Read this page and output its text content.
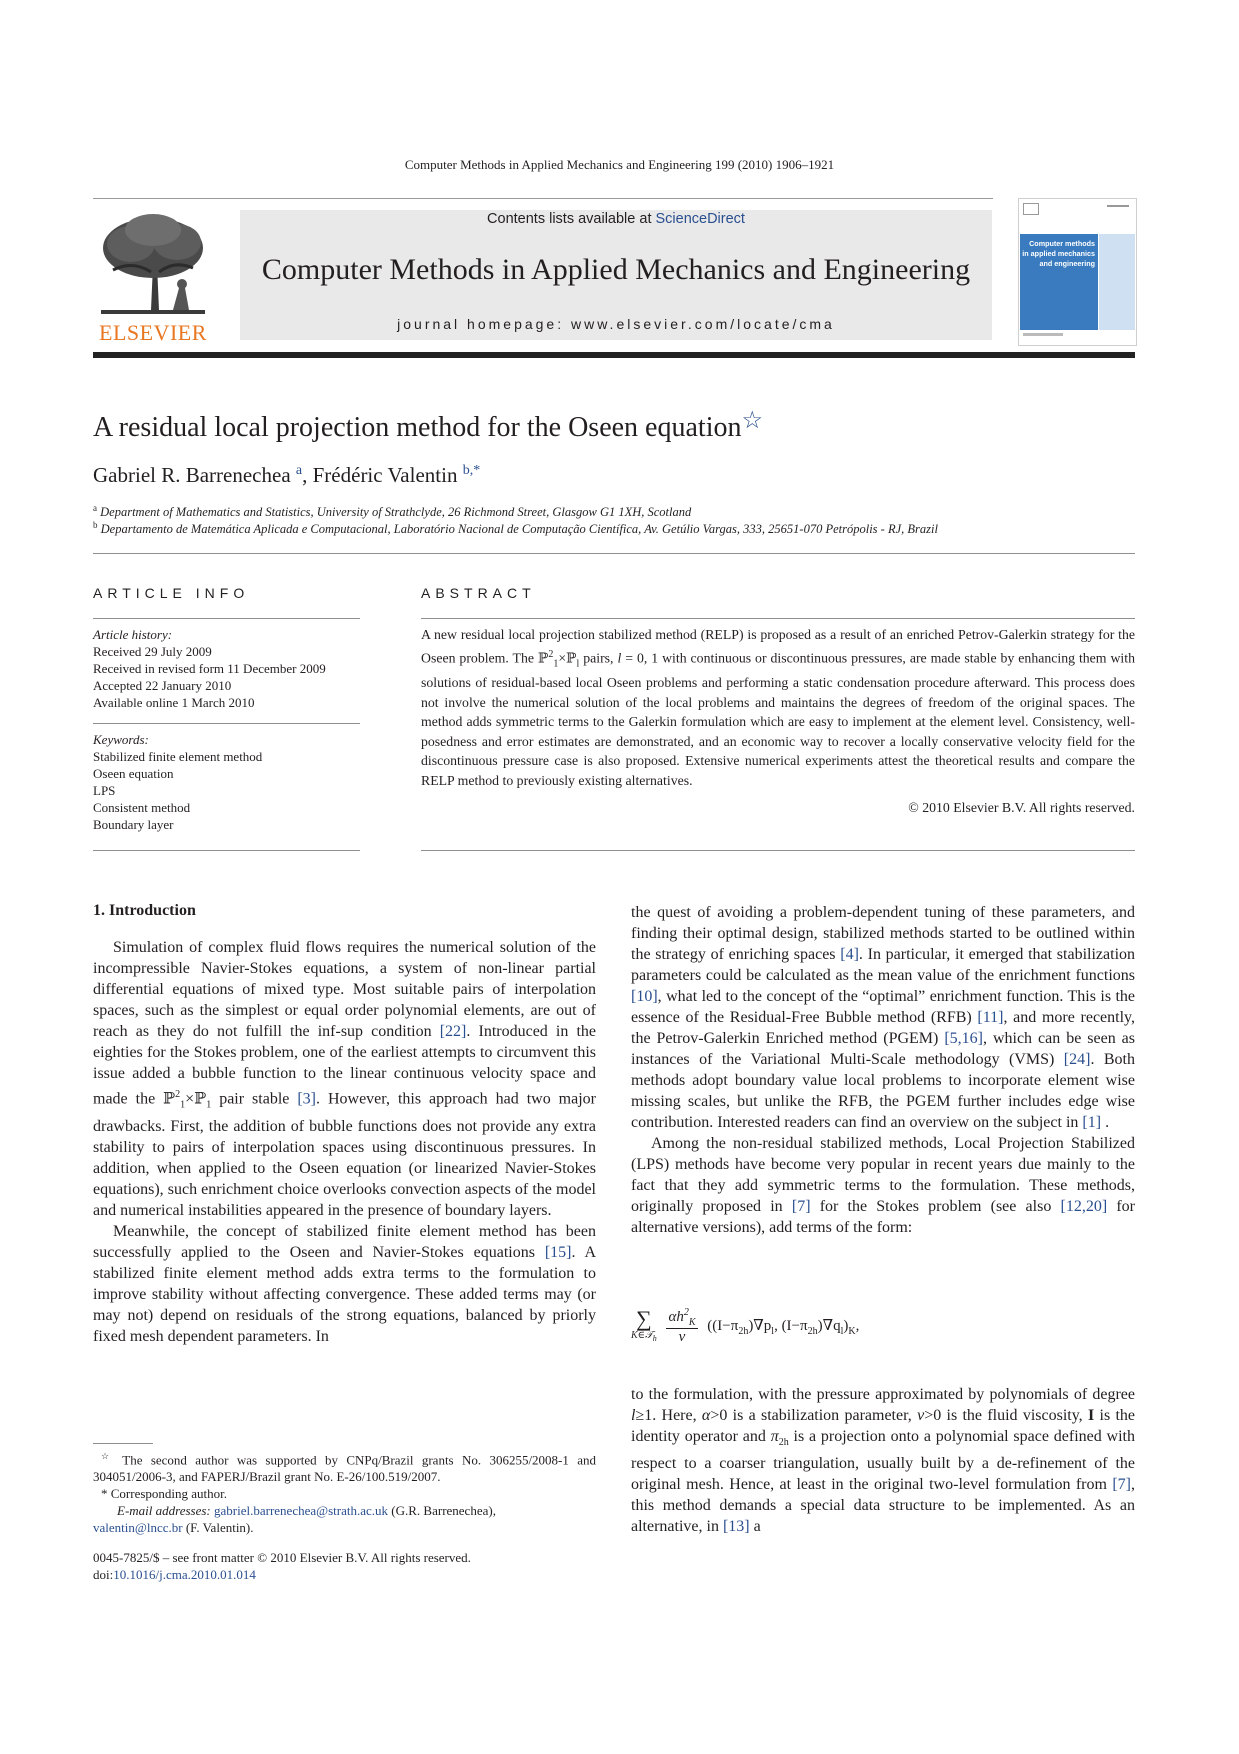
Computer Methods in Applied Mechanics and Engineering 199 (2010) 1906–1921
ELSEVIER
Contents lists available at ScienceDirect
Computer Methods in Applied Mechanics and Engineering
journal homepage: www.elsevier.com/locate/cma
Computer methods in applied mechanics and engineering
A residual local projection method for the Oseen equation☆
Gabriel R. Barrenechea $^a$, Frédéric Valentin $^{b,*}$
$^a$ Department of Mathematics and Statistics, University of Strathclyde, 26 Richmond Street, Glasgow G1 1XH, Scotland
$^b$ Departamento de Matemática Aplicada e Computacional, Laboratório Nacional de Computação Científica, Av. Getúlio Vargas, 333, 25651-070 Petrópolis - RJ, Brazil
ARTICLE INFO
Article history:
Received 29 July 2009
Received in revised form 11 December 2009
Accepted 22 January 2010
Available online 1 March 2010
Keywords:
Stabilized finite element method
Oseen equation
LPS
Consistent method
Boundary layer
ABSTRACT
A new residual local projection stabilized method (RELP) is proposed as a result of an enriched Petrov-Galerkin strategy for the Oseen problem. The ℙ$^2_1$×ℙ$_l$ pairs, l = 0, 1 with continuous or discontinuous pressures, are made stable by enhancing them with solutions of residual-based local Oseen problems and performing a static condensation procedure afterward. This process does not involve the numerical solution of the local problems and maintains the degrees of freedom of the original spaces. The method adds symmetric terms to the Galerkin formulation which are easy to implement at the element level. Consistency, well-posedness and error estimates are demonstrated, and an economic way to recover a locally conservative velocity field for the discontinuous pressure case is also proposed. Extensive numerical experiments attest the theoretical results and compare the RELP method to previously existing alternatives.
© 2010 Elsevier B.V. All rights reserved.
1. Introduction

Simulation of complex fluid flows requires the numerical solution of the incompressible Navier-Stokes equations, a system of non-linear partial differential equations of mixed type. Most suitable pairs of interpolation spaces, such as the simplest or equal order polynomial elements, are out of reach as they do not fulfill the inf-sup condition [22]. Introduced in the eighties for the Stokes problem, one of the earliest attempts to circumvent this issue added a bubble function to the linear continuous velocity space and made the ℙ$^2_1$×ℙ$_1$ pair stable [3]. However, this approach had two major drawbacks. First, the addition of bubble functions does not provide any extra stability to pairs of interpolation spaces using discontinuous pressures. In addition, when applied to the Oseen equation (or linearized Navier-Stokes equations), such enrichment choice overlooks convection aspects of the model and numerical instabilities appeared in the presence of boundary layers.

Meanwhile, the concept of stabilized finite element method has been successfully applied to the Oseen and Navier-Stokes equations [15]. A stabilized finite element method adds extra terms to the formulation to improve stability without affecting convergence. These added terms may (or may not) depend on residuals of the strong equations, balanced by priorly fixed mesh dependent parameters. In

the quest of avoiding a problem-dependent tuning of these parameters, and finding their optimal design, stabilized methods started to be outlined within the strategy of enriching spaces [4]. In particular, it emerged that stabilization parameters could be calculated as the mean value of the enrichment functions [10], what led to the concept of the “optimal” enrichment function. This is the essence of the Residual-Free Bubble method (RFB) [11], and more recently, the Petrov-Galerkin Enriched method (PGEM) [5,16], which can be seen as instances of the Variational Multi-Scale methodology (VMS) [24]. Both methods adopt boundary value local problems to incorporate element wise missing scales, but unlike the RFB, the PGEM further includes edge wise contribution. Interested readers can find an overview on the subject in [1] .

Among the non-residual stabilized methods, Local Projection Stabilized (LPS) methods have become very popular in recent years due mainly to the fact that they add symmetric terms to the formulation. These methods, originally proposed in [7] for the Stokes problem (see also [12,20] for alternative versions), add terms of the form:

∑
K∈𝒯$_h$
$\frac{\alpha h^2_K}{\nu} ((I-\pi_{2h})\nabla p_l$, $(I-\pi_{2h})\nabla q_l)_K$,

to the formulation, with the pressure approximated by polynomials of degree l≥1. Here, α>0 is a stabilization parameter, ν>0 is the fluid viscosity, I is the identity operator and $\pi_{2h}$ is a projection onto a polynomial space defined with respect to a coarser triangulation, usually built by a de-refinement of the original mesh. Hence, at least in the original two-level formulation from [7], this method demands a special data structure to be implemented. As an alternative, in [13] a

☆ The second author was supported by CNPq/Brazil grants No. 306255/2008-1 and 304051/2006-3, and FAPERJ/Brazil grant No. E-26/100.519/2007.

* Corresponding author.

E-mail addresses: gabriel.barrenechea@strath.ac.uk (G.R. Barrenechea),
valentin@lncc.br (F. Valentin).

0045-7825/$ – see front matter © 2010 Elsevier B.V. All rights reserved.
doi:10.1016/j.cma.2010.01.014
